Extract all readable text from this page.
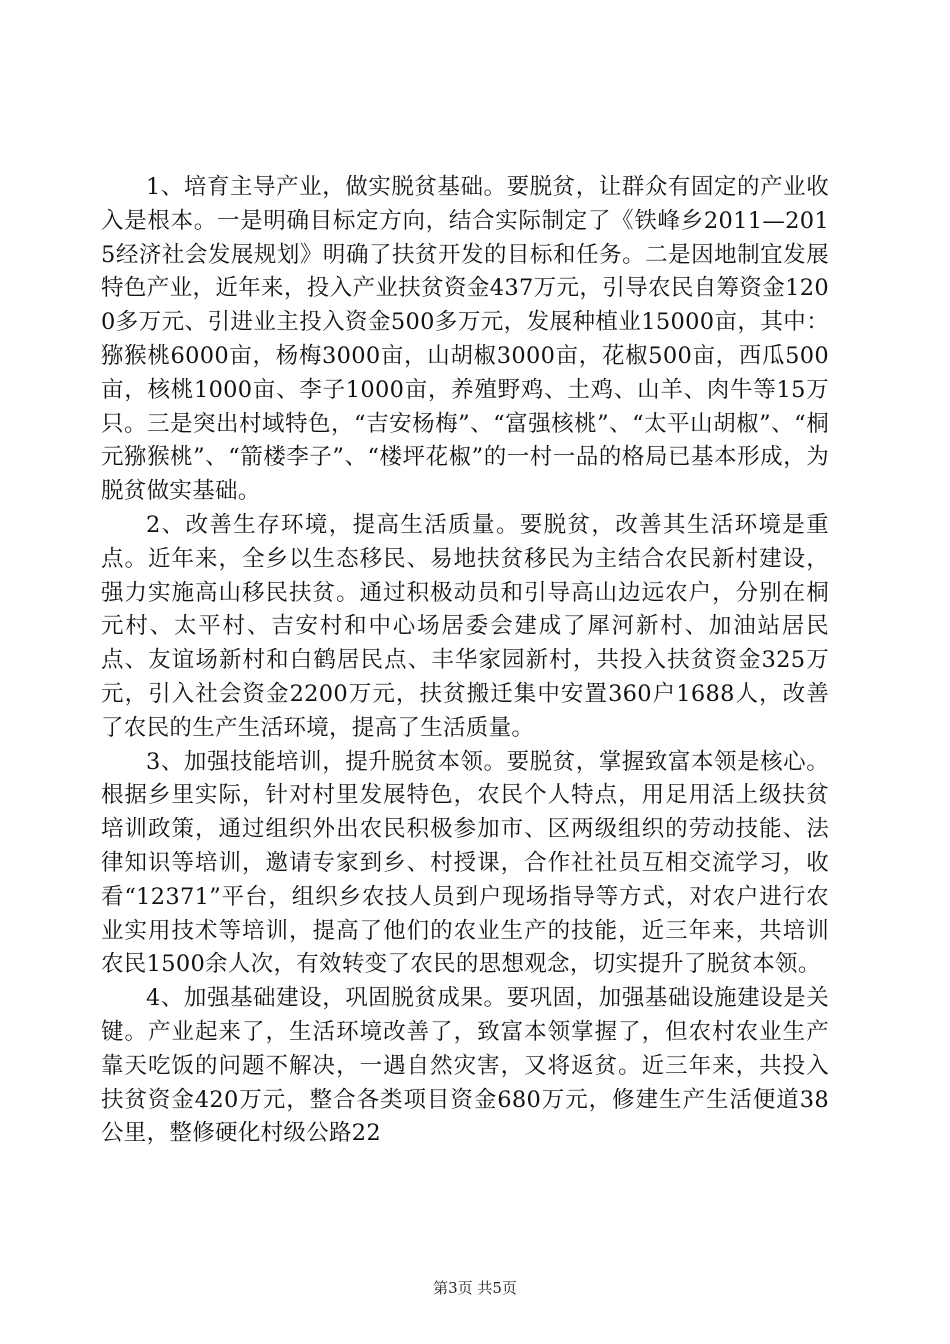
1、培育主导产业，做实脱贫基础。要脱贫，让群众有固定的产业收入是根本。一是明确目标定方向，结合实际制定了《铁峰乡2011—2015经济社会发展规划》明确了扶贫开发的目标和任务。二是因地制宜发展特色产业，近年来，投入产业扶贫资金437万元，引导农民自筹资金1200多万元、引进业主投入资金500多万元，发展种植业15000亩，其中：猕猴桃6000亩，杨梅3000亩，山胡椒3000亩，花椒500亩，西瓜500亩，核桃1000亩、李子1000亩，养殖野鸡、土鸡、山羊、肉牛等15万只。三是突出村域特色，“吉安杨梅”、“富强核桃”、“太平山胡椒”、“桐元猕猴桃”、“箭楼李子”、“楼坪花椒”的一村一品的格局已基本形成，为脱贫做实基础。

2、改善生存环境，提高生活质量。要脱贫，改善其生活环境是重点。近年来，全乡以生态移民、易地扶贫移民为主结合农民新村建设，强力实施高山移民扶贫。通过积极动员和引导高山边远农户，分别在桐元村、太平村、吉安村和中心场居委会建成了犀河新村、加油站居民点、友谊场新村和白鹤居民点、丰华家园新村，共投入扶贫资金325万元，引入社会资金2200万元，扶贫搬迁集中安置360户1688人，改善了农民的生产生活环境，提高了生活质量。

3、加强技能培训，提升脱贫本领。要脱贫，掌握致富本领是核心。根据乡里实际，针对村里发展特色，农民个人特点，用足用活上级扶贫培训政策，通过组织外出农民积极参加市、区两级组织的劳动技能、法律知识等培训，邀请专家到乡、村授课，合作社社员互相交流学习，收看“12371”平台，组织乡农技人员到户现场指导等方式，对农户进行农业实用技术等培训，提高了他们的农业生产的技能，近三年来，共培训农民1500余人次，有效转变了农民的思想观念，切实提升了脱贫本领。

4、加强基础建设，巩固脱贫成果。要巩固，加强基础设施建设是关键。产业起来了，生活环境改善了，致富本领掌握了，但农村农业生产靠天吃饭的问题不解决，一遇自然灾害，又将返贫。近三年来，共投入扶贫资金420万元，整合各类项目资金680万元，修建生产生活便道38公里，整修硬化村级公路22

第3页 共5页
